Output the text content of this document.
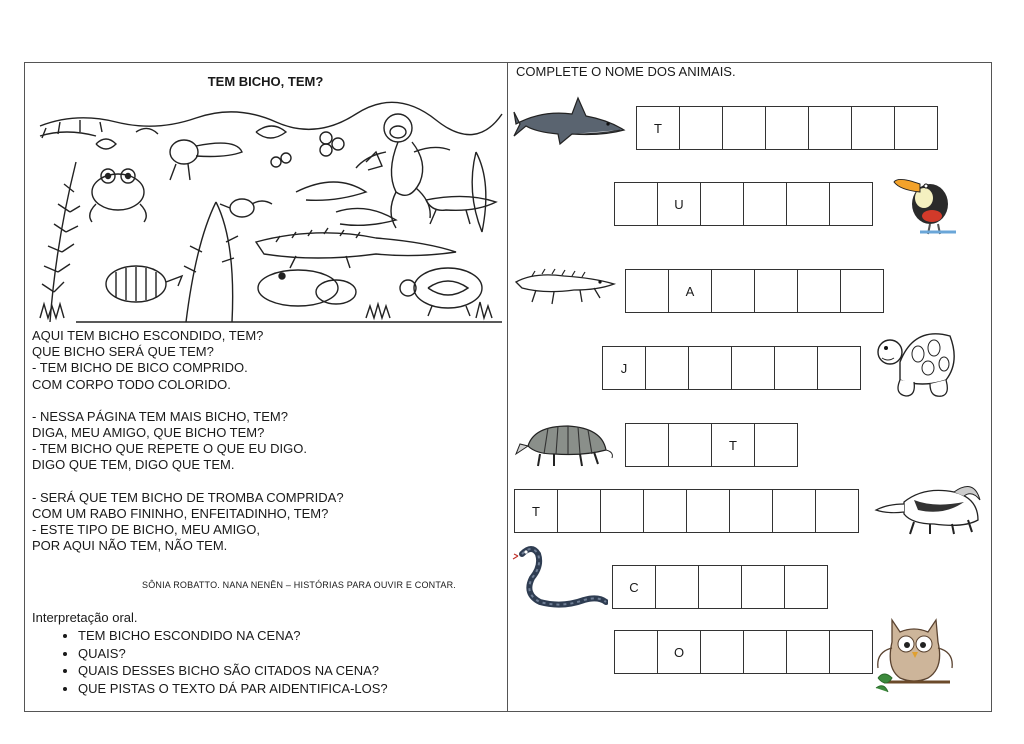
TEM BICHO, TEM?
AQUI TEM BICHO ESCONDIDO, TEM?
QUE BICHO SERÁ QUE TEM?
- TEM BICHO DE BICO COMPRIDO.
COM CORPO TODO COLORIDO.
- NESSA PÁGINA TEM MAIS BICHO, TEM?
DIGA, MEU AMIGO, QUE BICHO TEM?
- TEM BICHO QUE REPETE O QUE EU DIGO.
DIGO QUE TEM, DIGO QUE TEM.
- SERÁ QUE TEM BICHO DE TROMBA COMPRIDA?
COM UM RABO FININHO, ENFEITADINHO, TEM?
- ESTE TIPO DE BICHO, MEU AMIGO,
POR AQUI NÃO TEM, NÃO TEM.
SÔNIA ROBATTO. NANA NENÊN – HISTÓRIAS PARA OUVIR E CONTAR.
Interpretação oral.
• TEM BICHO ESCONDIDO NA CENA?
• QUAIS?
• QUAIS DESSES BICHO SÃO CITADOS NA CENA?
• QUE PISTAS O TEXTO DÁ PAR AIDENTIFICA-LOS?
COMPLETE O NOME DOS ANIMAIS.
T
U
A
J
T
T
C
O
